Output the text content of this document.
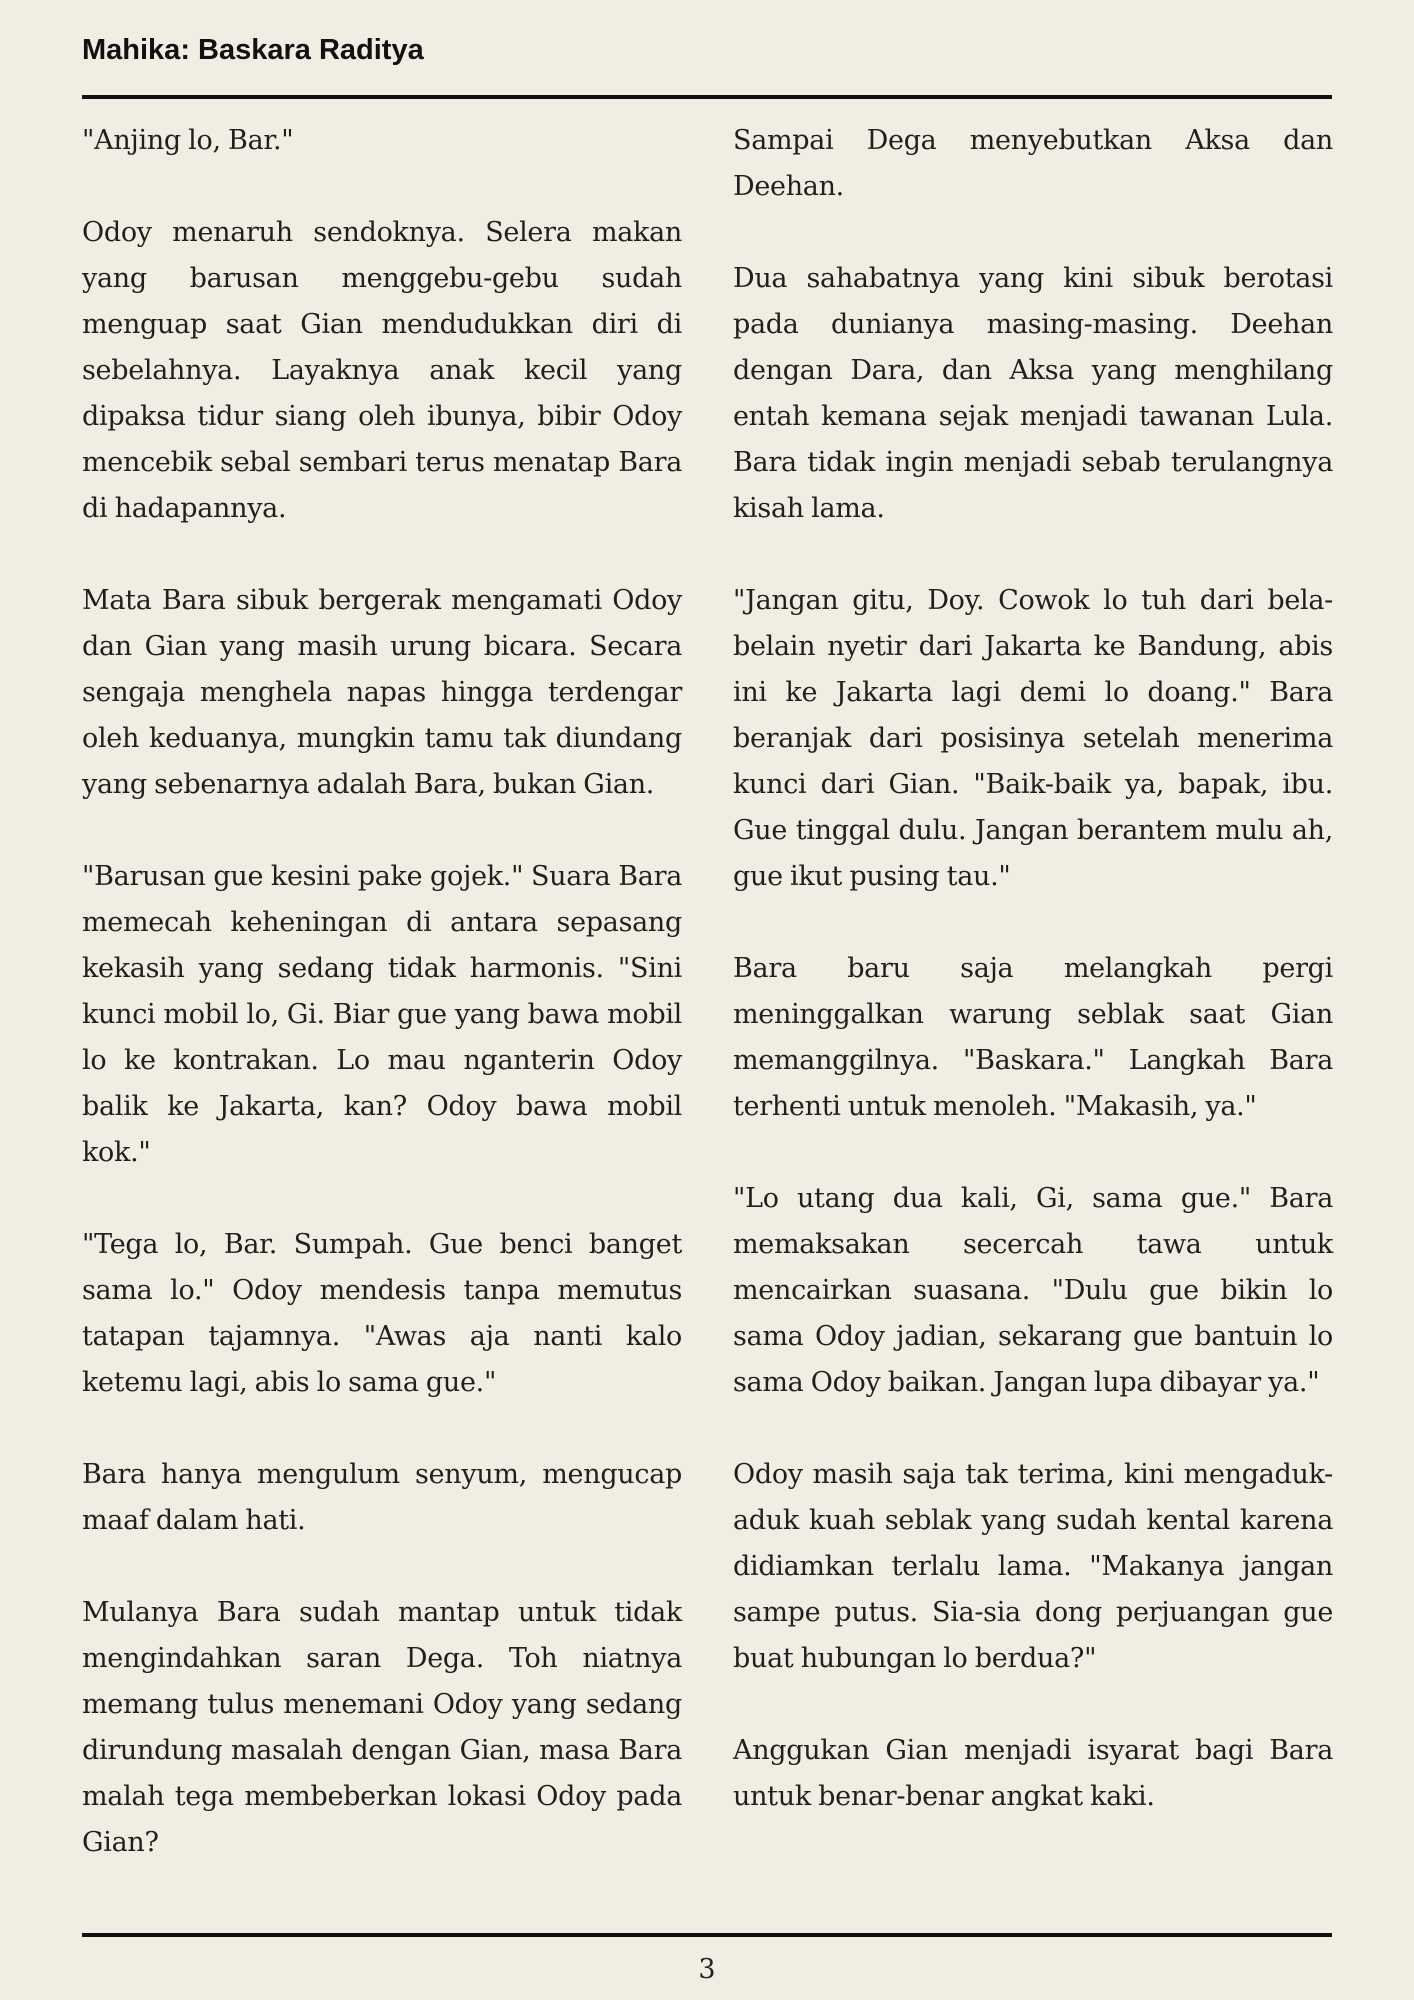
Mahika: Baskara Raditya

"Anjing lo, Bar."

Odoy menaruh sendoknya. Selera makan yang barusan menggebu-gebu sudah menguap saat Gian mendudukkan diri di sebelahnya. Layaknya anak kecil yang dipaksa tidur siang oleh ibunya, bibir Odoy mencebik sebal sembari terus menatap Bara di hadapannya.

Mata Bara sibuk bergerak mengamati Odoy dan Gian yang masih urung bicara. Secara sengaja menghela napas hingga terdengar oleh keduanya, mungkin tamu tak diundang yang sebenarnya adalah Bara, bukan Gian.

"Barusan gue kesini pake gojek." Suara Bara memecah keheningan di antara sepasang kekasih yang sedang tidak harmonis. "Sini kunci mobil lo, Gi. Biar gue yang bawa mobil lo ke kontrakan. Lo mau nganterin Odoy balik ke Jakarta, kan? Odoy bawa mobil kok."

"Tega lo, Bar. Sumpah. Gue benci banget sama lo." Odoy mendesis tanpa memutus tatapan tajamnya. "Awas aja nanti kalo ketemu lagi, abis lo sama gue."

Bara hanya mengulum senyum, mengucap maaf dalam hati.

Mulanya Bara sudah mantap untuk tidak mengindahkan saran Dega. Toh niatnya memang tulus menemani Odoy yang sedang dirundung masalah dengan Gian, masa Bara malah tega membeberkan lokasi Odoy pada Gian?

Sampai Dega menyebutkan Aksa dan Deehan.

Dua sahabatnya yang kini sibuk berotasi pada dunianya masing-masing. Deehan dengan Dara, dan Aksa yang menghilang entah kemana sejak menjadi tawanan Lula. Bara tidak ingin menjadi sebab terulangnya kisah lama.

"Jangan gitu, Doy. Cowok lo tuh dari bela-belain nyetir dari Jakarta ke Bandung, abis ini ke Jakarta lagi demi lo doang." Bara beranjak dari posisinya setelah menerima kunci dari Gian. "Baik-baik ya, bapak, ibu. Gue tinggal dulu. Jangan berantem mulu ah, gue ikut pusing tau."

Bara baru saja melangkah pergi meninggalkan warung seblak saat Gian memanggilnya. "Baskara." Langkah Bara terhenti untuk menoleh. "Makasih, ya."

"Lo utang dua kali, Gi, sama gue." Bara memaksakan secercah tawa untuk mencairkan suasana. "Dulu gue bikin lo sama Odoy jadian, sekarang gue bantuin lo sama Odoy baikan. Jangan lupa dibayar ya."

Odoy masih saja tak terima, kini mengaduk-aduk kuah seblak yang sudah kental karena didiamkan terlalu lama. "Makanya jangan sampe putus. Sia-sia dong perjuangan gue buat hubungan lo berdua?"

Anggukan Gian menjadi isyarat bagi Bara untuk benar-benar angkat kaki.

3
